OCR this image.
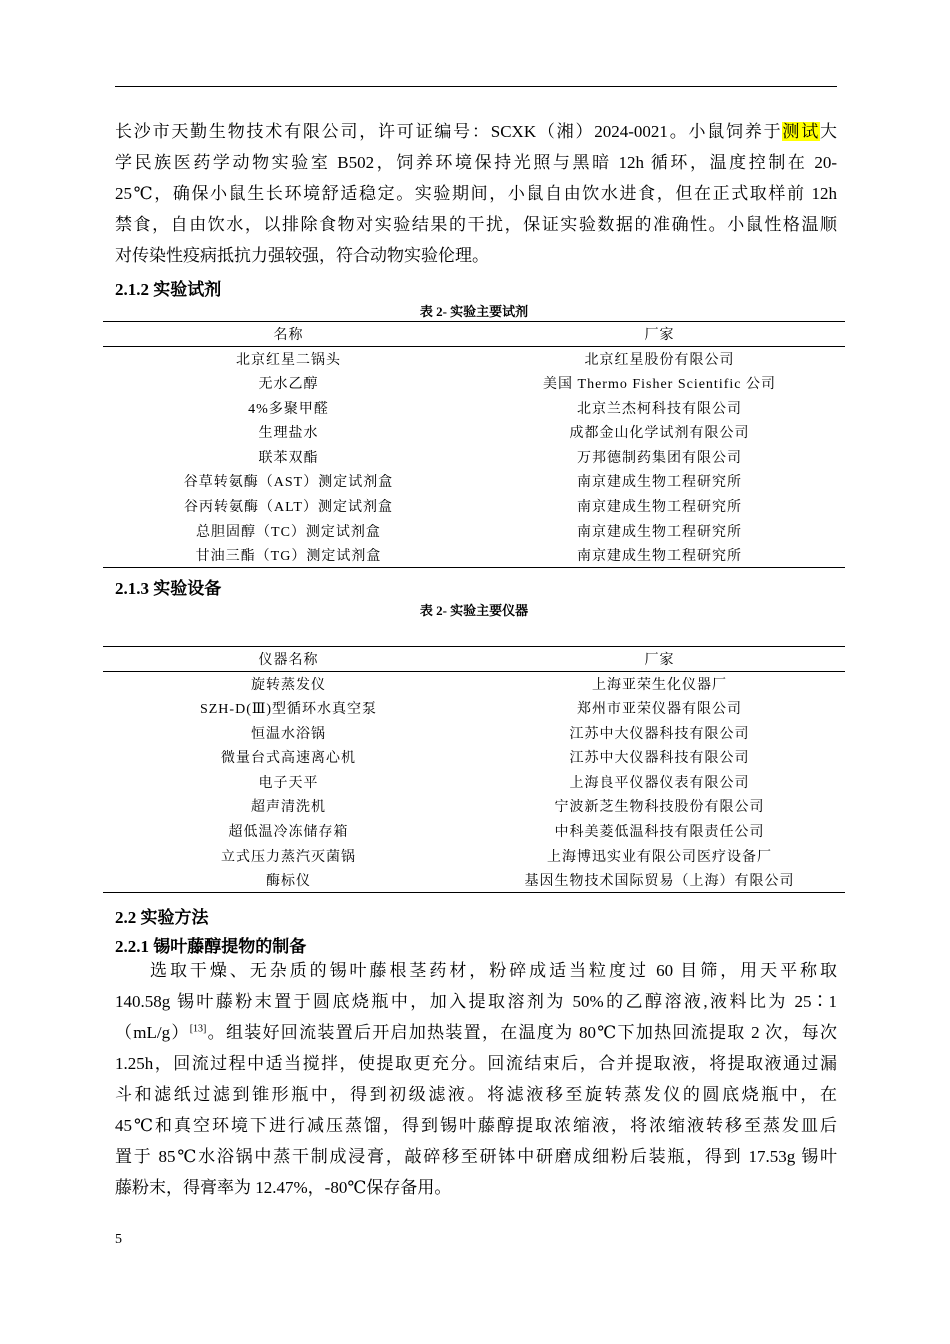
长沙市天勤生物技术有限公司，许可证编号：SCXK（湘）2024-0021。小鼠饲养于测试大
学民族医药学动物实验室 B502，饲养环境保持光照与黑暗 12h 循环，温度控制在 20-
25℃，确保小鼠生长环境舒适稳定。实验期间，小鼠自由饮水进食，但在正式取样前 12h
禁食，自由饮水，以排除食物对实验结果的干扰，保证实验数据的准确性。小鼠性格温顺
对传染性疫病抵抗力强较强，符合动物实验伦理。

2.1.2 实验试剂

表 2- 实验主要试剂

名称	厂家
北京红星二锅头	北京红星股份有限公司
无水乙醇	美国 Thermo Fisher Scientific 公司
4%多聚甲醛	北京兰杰柯科技有限公司
生理盐水	成都金山化学试剂有限公司
联苯双酯	万邦德制药集团有限公司
谷草转氨酶（AST）测定试剂盒	南京建成生物工程研究所
谷丙转氨酶（ALT）测定试剂盒	南京建成生物工程研究所
总胆固醇（TC）测定试剂盒	南京建成生物工程研究所
甘油三酯（TG）测定试剂盒	南京建成生物工程研究所

2.1.3 实验设备

表 2- 实验主要仪器

仪器名称	厂家
旋转蒸发仪	上海亚荣生化仪器厂
SZH-D(Ⅲ)型循环水真空泵	郑州市亚荣仪器有限公司
恒温水浴锅	江苏中大仪器科技有限公司
微量台式高速离心机	江苏中大仪器科技有限公司
电子天平	上海良平仪器仪表有限公司
超声清洗机	宁波新芝生物科技股份有限公司
超低温冷冻储存箱	中科美菱低温科技有限责任公司
立式压力蒸汽灭菌锅	上海博迅实业有限公司医疗设备厂
酶标仪	基因生物技术国际贸易（上海）有限公司

2.2 实验方法

2.2.1 锡叶藤醇提物的制备

选取干燥、无杂质的锡叶藤根茎药材，粉碎成适当粒度过 60 目筛，用天平称取
140.58g 锡叶藤粉末置于圆底烧瓶中，加入提取溶剂为 50%的乙醇溶液,液料比为 25∶1
（mL/g）[13]。组装好回流装置后开启加热装置，在温度为 80℃下加热回流提取 2 次，每次
1.25h，回流过程中适当搅拌，使提取更充分。回流结束后，合并提取液，将提取液通过漏
斗和滤纸过滤到锥形瓶中，得到初级滤液。将滤液移至旋转蒸发仪的圆底烧瓶中，在
45℃和真空环境下进行减压蒸馏，得到锡叶藤醇提取浓缩液，将浓缩液转移至蒸发皿后
置于 85℃水浴锅中蒸干制成浸膏，敲碎移至研钵中研磨成细粉后装瓶，得到 17.53g 锡叶
藤粉末，得膏率为 12.47%，-80℃保存备用。
5
